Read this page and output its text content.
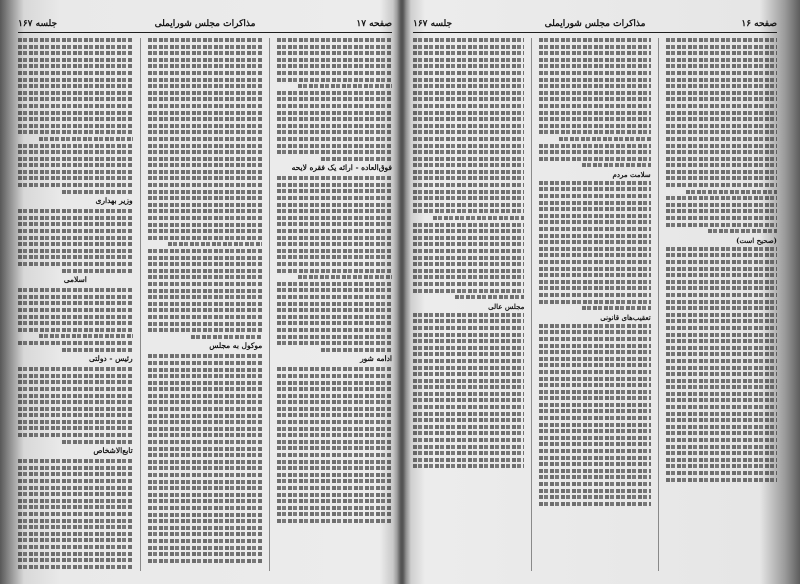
صفحه ۱۷
مذاکرات مجلس شورایملی
جلسه ۱۶۷
فوق‌العاده - ارائه یک فقره لایحه
ادامه شور
موکول به مجلس
وزیر بهداری
اسلامی
رئیس - دولتی
تابع‌الاشخاص
صفحه ۱۶
مذاکرات مجلس شورایملی
جلسه ۱۶۷
(صحیح است)
سلامت مردم
تعقیب‌های قانونی
مجلس عالی
